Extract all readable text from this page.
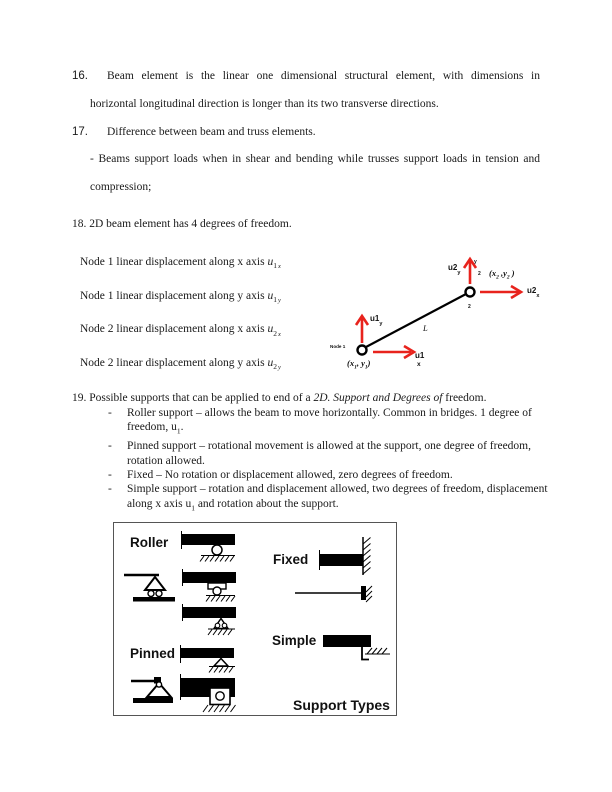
16. Beam element is the linear one dimensional structural element, with dimensions in
horizontal longitudinal direction is longer than its two transverse directions.
17. Difference between beam and truss elements.
- Beams support loads when in shear and bending while trusses support loads in tension and
compression;
18. 2D beam element has 4 degrees of freedom.
Node 1 linear displacement along x axis $u_{1x}$
Node 1 linear displacement along y axis $u_{1y}$
Node 2 linear displacement along x axis $u_{2x}$
Node 2 linear displacement along y axis $u_{2y}$
Node 1
L
$u1_y$
u1
x
($x_1$, $y_1$)
$u2_y$
y
2 ($x_2$ $,y_2$ )
$u2_x$
2
19. Possible supports that can be applied to end of a 2D. Support and Degrees of freedom.
- Roller support – allows the beam to move horizontally. Common in bridges. 1 degree of freedom, $u_1$.
- Pinned support – rotational movement is allowed at the support, one degree of freedom, rotation allowed.
- Fixed – No rotation or displacement allowed, zero degrees of freedom.
- Simple support – rotation and displacement allowed, two degrees of freedom, displacement along x axis $u_1$ and rotation about the support.
Roller
Pinned
Fixed
Simple
Support Types
